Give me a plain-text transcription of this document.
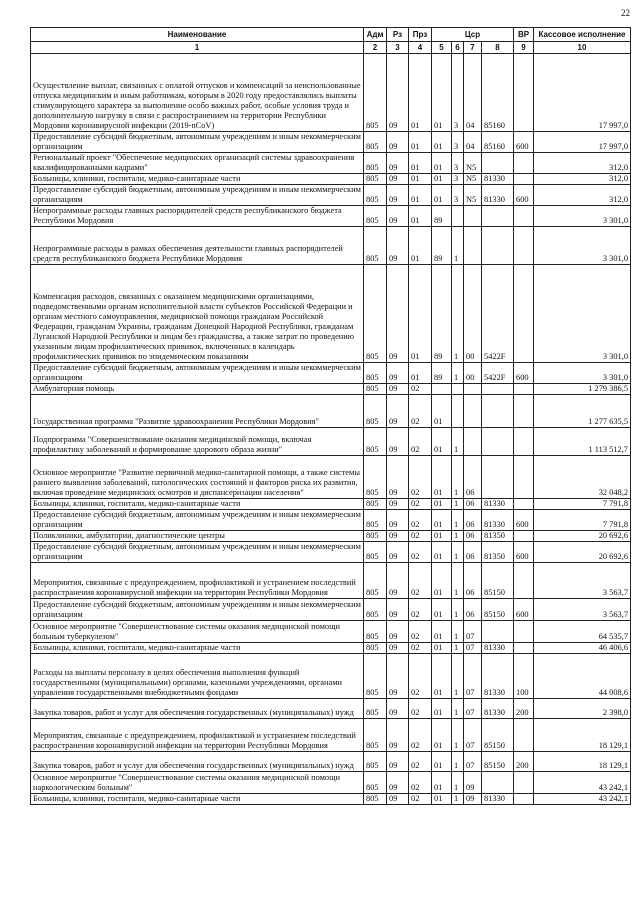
22
Наименование	Адм	Рз	Прз	Цср				ВР	Кассовое исполнение
1	2	3	4	5	6	7	8	9	10
Осуществление выплат, связанных с оплатой отпусков и компенсаций за неиспользованные отпуска медицинским и иным работникам, которым в 2020 году предоставлялись выплаты стимулирующего характера за выполнение особо важных работ, особые условия труда и дополнительную нагрузку в связи с распространением на территории Республики Мордовия коронавирусной инфекции (2019-nCoV)	805	09	01	01	3	04	85160		17 997,0
Предоставление субсидий бюджетным, автономным учреждениям и иным некоммерческим организациям	805	09	01	01	3	04	85160	600	17 997,0
Региональный проект "Обеспечение медицинских организаций системы здравоохранения квалифицированными кадрами"	805	09	01	01	3	N5			312,0
Больницы, клиники, госпитали, медико-санитарные части	805	09	01	01	3	N5	81330		312,0
Предоставление субсидий бюджетным, автономным учреждениям и иным некоммерческим организациям	805	09	01	01	3	N5	81330	600	312,0
Непрограммные расходы главных распорядителей средств республиканского бюджета Республики Мордовия	805	09	01	89					3 301,0
Непрограммные расходы в рамках обеспечения деятельности главных распорядителей средств республиканского бюджета Республики Мордовия	805	09	01	89	1				3 301,0
Компенсация расходов, связанных с оказанием медицинскими организациями, подведомственными органам исполнительной власти субъектов Российской Федерации и органам местного самоуправления, медицинской помощи гражданам Российской Федерации, гражданам Украины, гражданам Донецкой Народной Республики, гражданам Луганской Народной Республики и лицам без гражданства, а также затрат по проведению указанным лицам профилактических прививок, включенных в календарь профилактических прививок по эпидемическим показаниям	805	09	01	89	1	00	5422F		3 301,0
Предоставление субсидий бюджетным, автономным учреждениям и иным некоммерческим организациям	805	09	01	89	1	00	5422F	600	3 301,0
Амбулаторная помощь	805	09	02						1 279 386,5
Государственная программа "Развитие здравоохранения Республики Мордовия"	805	09	02	01					1 277 635,5
Подпрограмма "Совершенствование оказания медицинской помощи, включая профилактику заболеваний и формирование здорового образа жизни"	805	09	02	01	1				1 113 512,7
Основное мероприятие "Развитие первичной медико-санитарной помощи, а также системы раннего выявления заболеваний, патологических состояний и факторов риска их развития, включая проведение медицинских осмотров и диспансеризации населения"	805	09	02	01	1	06			32 048,2
Больницы, клиники, госпитали, медико-санитарные части	805	09	02	01	1	06	81330		7 791,8
Предоставление субсидий бюджетным, автономным учреждениям и иным некоммерческим организациям	805	09	02	01	1	06	81330	600	7 791,8
Поликлиники, амбулатории, диагностические центры	805	09	02	01	1	06	81350		20 692,6
Предоставление субсидий бюджетным, автономным учреждениям и иным некоммерческим организациям	805	09	02	01	1	06	81350	600	20 692,6
Мероприятия, связанные с предупреждением, профилактикой и устранением последствий распространения коронавирусной инфекции на территории Республики Мордовия	805	09	02	01	1	06	85150		3 563,7
Предоставление субсидий бюджетным, автономным учреждениям и иным некоммерческим организациям	805	09	02	01	1	06	85150	600	3 563,7
Основное мероприятие "Совершенствование системы оказания медицинской помощи больным туберкулезом"	805	09	02	01	1	07			64 535,7
Больницы, клиники, госпитали, медико-санитарные части	805	09	02	01	1	07	81330		46 406,6
Расходы на выплаты персоналу в целях обеспечения выполнения функций государственными (муниципальными) органами, казенными учреждениями, органами управления государственными внебюджетными фондами	805	09	02	01	1	07	81330	100	44 008,6
Закупка товаров, работ и услуг для обеспечения государственных (муниципальных) нужд	805	09	02	01	1	07	81330	200	2 398,0
Мероприятия, связанные с предупреждением, профилактикой и устранением последствий распространения коронавирусной инфекции на территории Республики Мордовия	805	09	02	01	1	07	85150		18 129,1
Закупка товаров, работ и услуг для обеспечения государственных (муниципальных) нужд	805	09	02	01	1	07	85150	200	18 129,1
Основное мероприятие "Совершенствование системы оказания медицинской помощи наркологическим больным"	805	09	02	01	1	09			43 242,1
Больницы, клиники, госпитали, медико-санитарные части	805	09	02	01	1	09	81330		43 242,1
